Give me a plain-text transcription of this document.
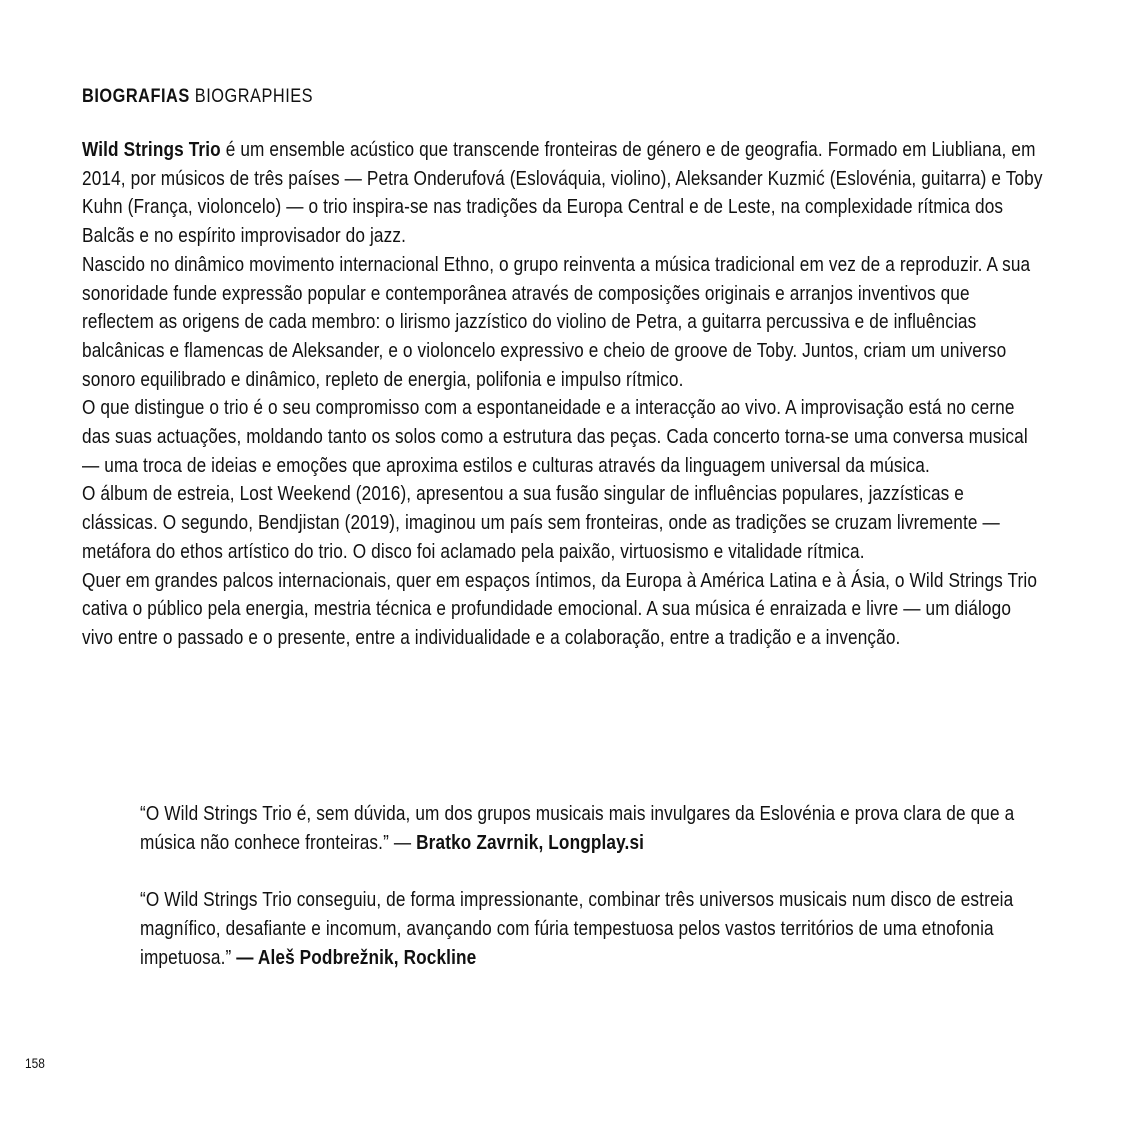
BIOGRAFIAS BIOGRAPHIES

Wild Strings Trio é um ensemble acústico que transcende fronteiras de género e de geografia. Formado em Liubliana, em 2014, por músicos de três países — Petra Onderufová (Eslováquia, violino), Aleksander Kuzmić (Eslovénia, guitarra) e Toby Kuhn (França, violoncelo) — o trio inspira-se nas tradições da Europa Central e de Leste, na complexidade rítmica dos Balcãs e no espírito improvisador do jazz.

Nascido no dinâmico movimento internacional Ethno, o grupo reinventa a música tradicional em vez de a reproduzir. A sua sonoridade funde expressão popular e contemporânea através de composições originais e arranjos inventivos que reflectem as origens de cada membro: o lirismo jazzístico do violino de Petra, a guitarra percussiva e de influências balcânicas e flamencas de Aleksander, e o violoncelo expressivo e cheio de groove de Toby. Juntos, criam um universo sonoro equilibrado e dinâmico, repleto de energia, polifonia e impulso rítmico.

O que distingue o trio é o seu compromisso com a espontaneidade e a interacção ao vivo. A improvisação está no cerne das suas actuações, moldando tanto os solos como a estrutura das peças. Cada concerto torna-se uma conversa musical — uma troca de ideias e emoções que aproxima estilos e culturas através da linguagem universal da música.

O álbum de estreia, Lost Weekend (2016), apresentou a sua fusão singular de influências populares, jazzísticas e clássicas. O segundo, Bendjistan (2019), imaginou um país sem fronteiras, onde as tradições se cruzam livremente — metáfora do ethos artístico do trio. O disco foi aclamado pela paixão, virtuosismo e vitalidade rítmica.

Quer em grandes palcos internacionais, quer em espaços íntimos, da Europa à América Latina e à Ásia, o Wild Strings Trio cativa o público pela energia, mestria técnica e profundidade emocional. A sua música é enraizada e livre — um diálogo vivo entre o passado e o presente, entre a individualidade e a colaboração, entre a tradição e a invenção.

“O Wild Strings Trio é, sem dúvida, um dos grupos musicais mais invulgares da Eslovénia e prova clara de que a música não conhece fronteiras.” — Bratko Zavrnik, Longplay.si
“O Wild Strings Trio conseguiu, de forma impressionante, combinar três universos musicais num disco de estreia magnífico, desafiante e incomum, avançando com fúria tempestuosa pelos vastos territórios de uma etnofonia impetuosa.” — Aleš Podbrežnik, Rockline
158
